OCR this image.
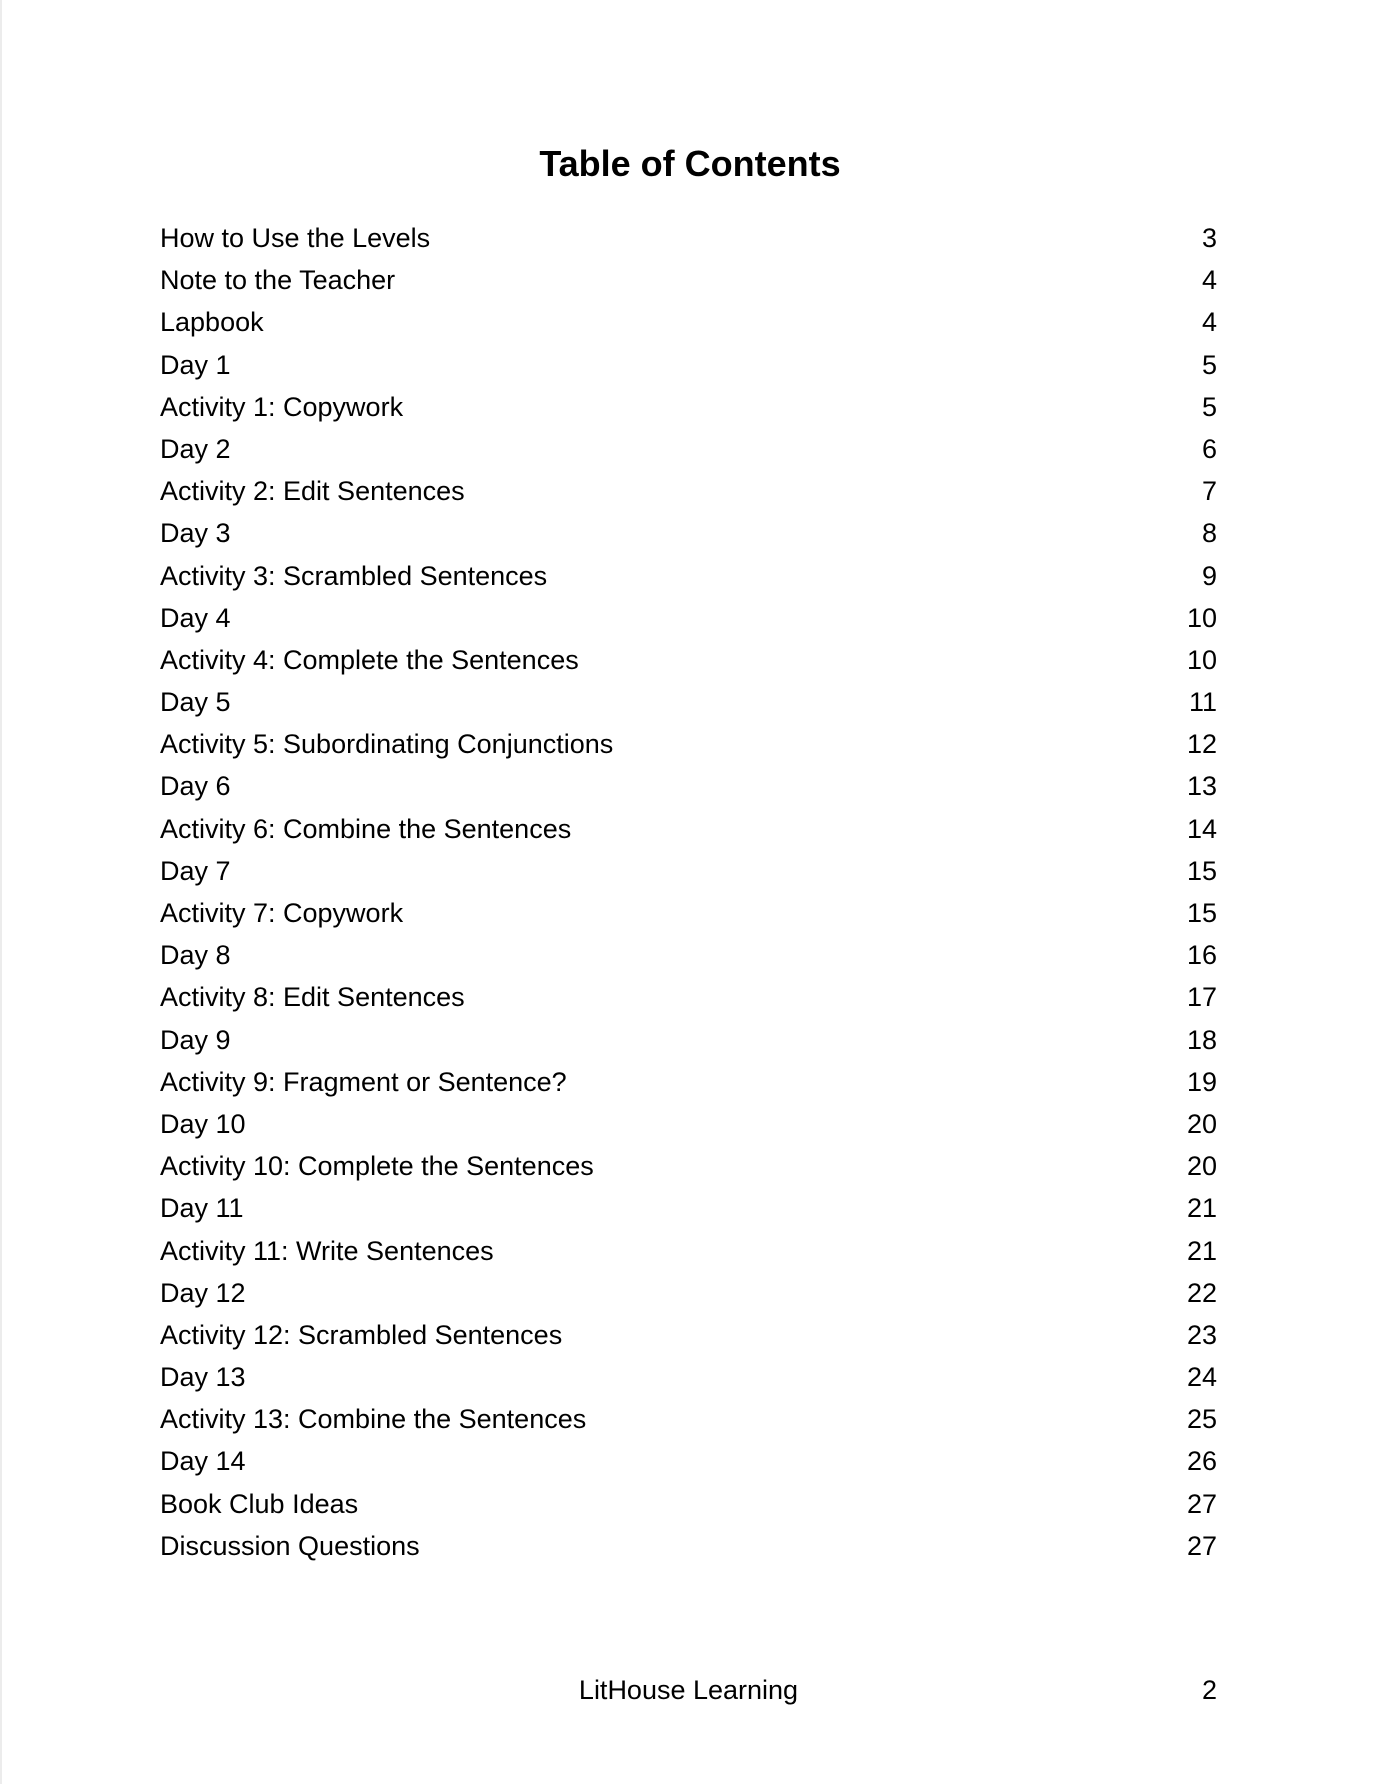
Table of Contents
How to Use the Levels	3
Note to the Teacher	4
Lapbook	4
Day 1	5
Activity 1: Copywork	5
Day 2	6
Activity 2: Edit Sentences	7
Day 3	8
Activity 3: Scrambled Sentences	9
Day 4	10
Activity 4: Complete the Sentences	10
Day 5	11
Activity 5: Subordinating Conjunctions	12
Day 6	13
Activity 6: Combine the Sentences	14
Day 7	15
Activity 7: Copywork	15
Day 8	16
Activity 8: Edit Sentences	17
Day 9	18
Activity 9: Fragment or Sentence?	19
Day 10	20
Activity 10: Complete the Sentences	20
Day 11	21
Activity 11: Write Sentences	21
Day 12	22
Activity 12: Scrambled Sentences	23
Day 13	24
Activity 13: Combine the Sentences	25
Day 14	26
Book Club Ideas	27
Discussion Questions	27
LitHouse Learning	2
